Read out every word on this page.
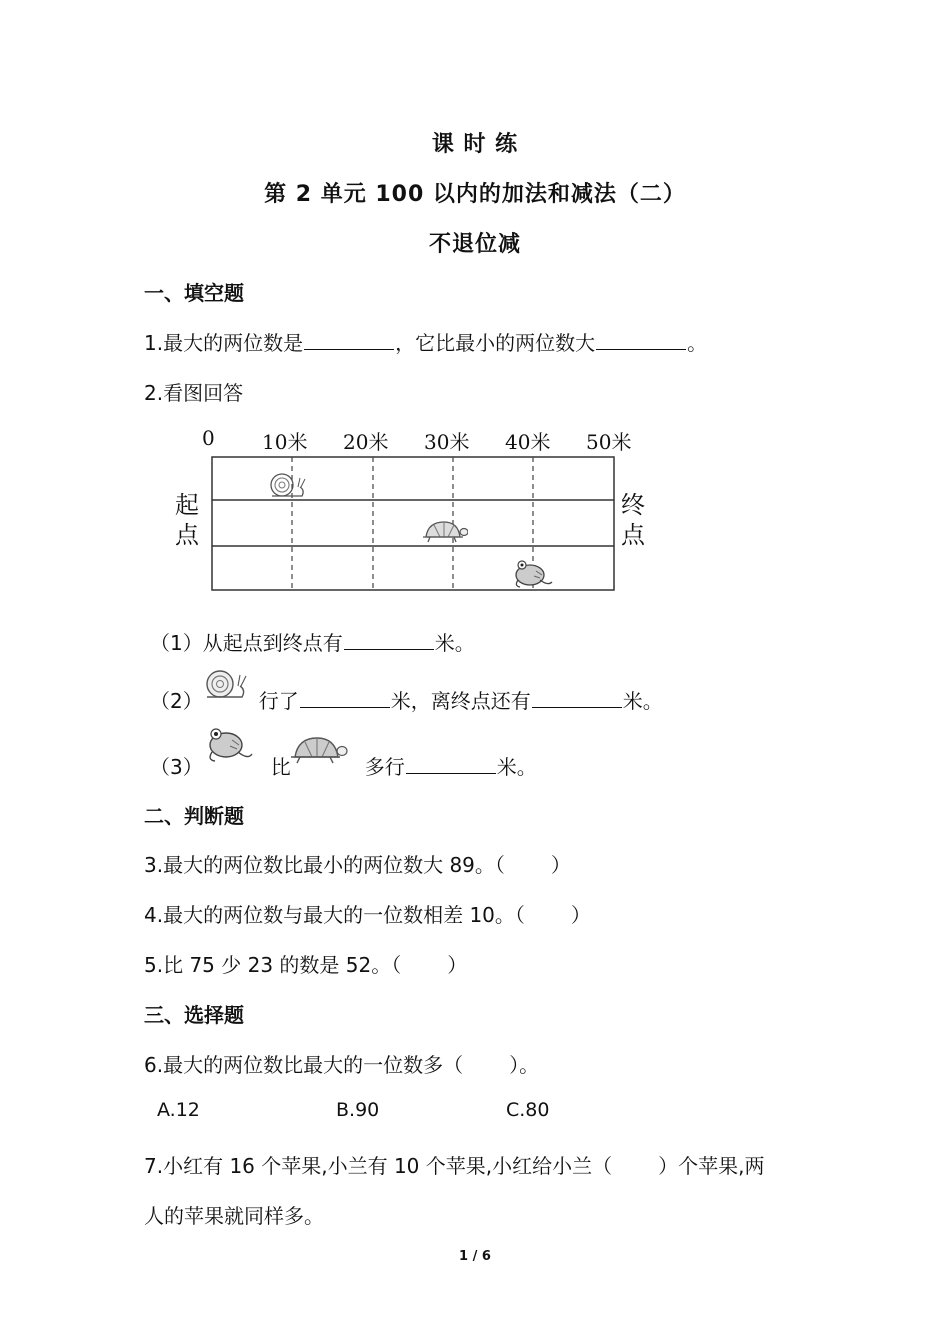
课 时 练
第 2 单元 100 以内的加法和减法（二）
不退位减
一、填空题
1.最大的两位数是	，它比最小的两位数大	。
2.看图回答
0 10米 20米 30米 40米 50米
起点
终点
（1）从起点到终点有	米。
（2）	行了	米，离终点还有	米。
（3）	比	多行	米。
二、判断题
3.最大的两位数比最小的两位数大 89。（ ）
4.最大的两位数与最大的一位数相差 10。（ ）
5.比 75 少 23 的数是 52。（ ）
三、选择题
6.最大的两位数比最大的一位数多（ ）。
A.12	B.90	C.80
7.小红有 16 个苹果,小兰有 10 个苹果,小红给小兰（ ）个苹果,两
人的苹果就同样多。
1 / 6
